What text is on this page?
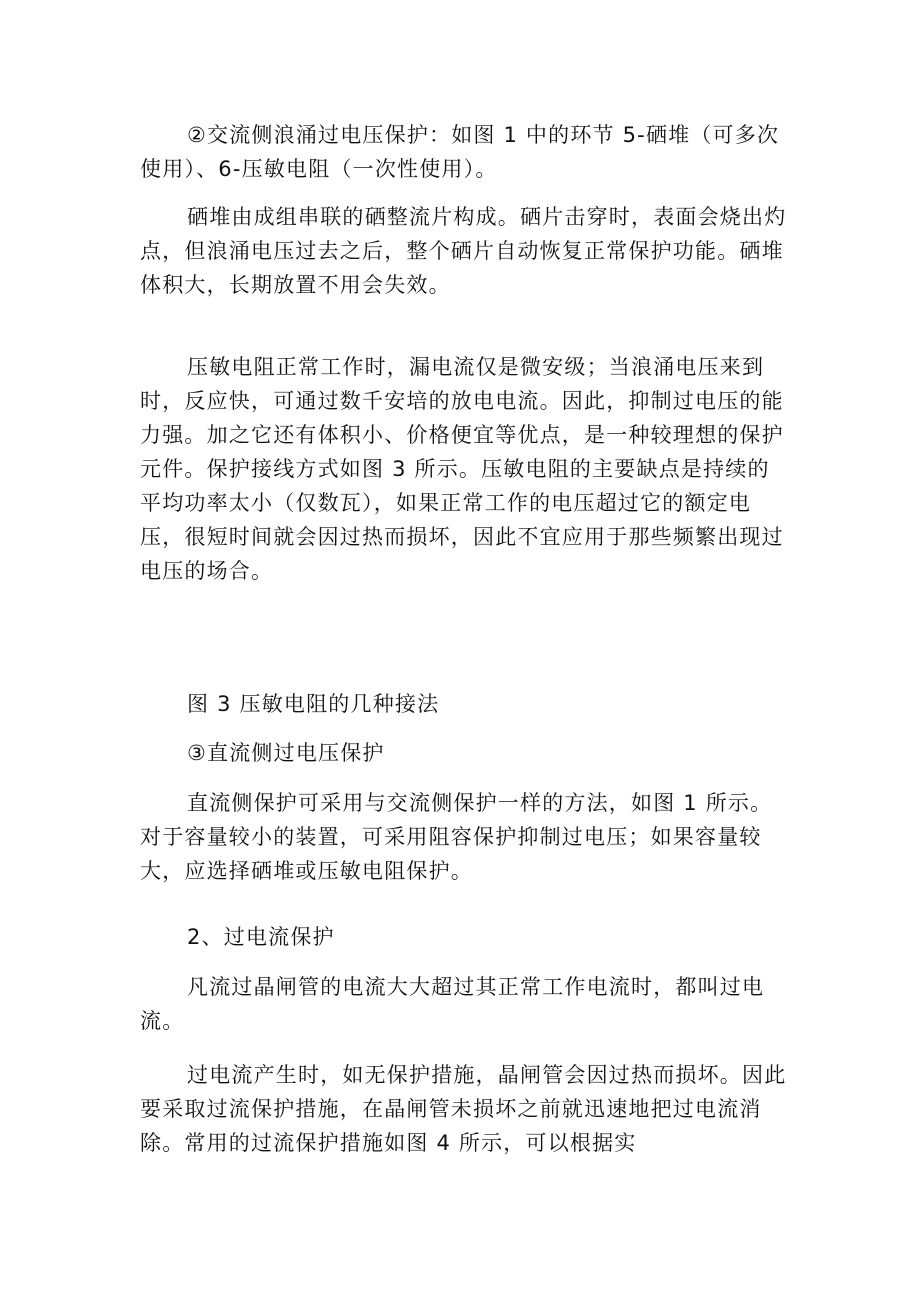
②交流侧浪涌过电压保护：如图 1 中的环节 5-硒堆（可多次使用）、6-压敏电阻（一次性使用）。

硒堆由成组串联的硒整流片构成。硒片击穿时，表面会烧出灼点，但浪涌电压过去之后，整个硒片自动恢复正常保护功能。硒堆体积大，长期放置不用会失效。

压敏电阻正常工作时，漏电流仅是微安级；当浪涌电压来到时，反应快，可通过数千安培的放电电流。因此，抑制过电压的能力强。加之它还有体积小、价格便宜等优点，是一种较理想的保护元件。保护接线方式如图 3 所示。压敏电阻的主要缺点是持续的平均功率太小（仅数瓦），如果正常工作的电压超过它的额定电压，很短时间就会因过热而损坏，因此不宜应用于那些频繁出现过电压的场合。

图 3 压敏电阻的几种接法

③直流侧过电压保护

直流侧保护可采用与交流侧保护一样的方法，如图 1 所示。对于容量较小的装置，可采用阻容保护抑制过电压；如果容量较大，应选择硒堆或压敏电阻保护。

2、过电流保护

凡流过晶闸管的电流大大超过其正常工作电流时，都叫过电流。

过电流产生时，如无保护措施，晶闸管会因过热而损坏。因此要采取过流保护措施，在晶闸管未损坏之前就迅速地把过电流消除。常用的过流保护措施如图 4 所示，可以根据实
